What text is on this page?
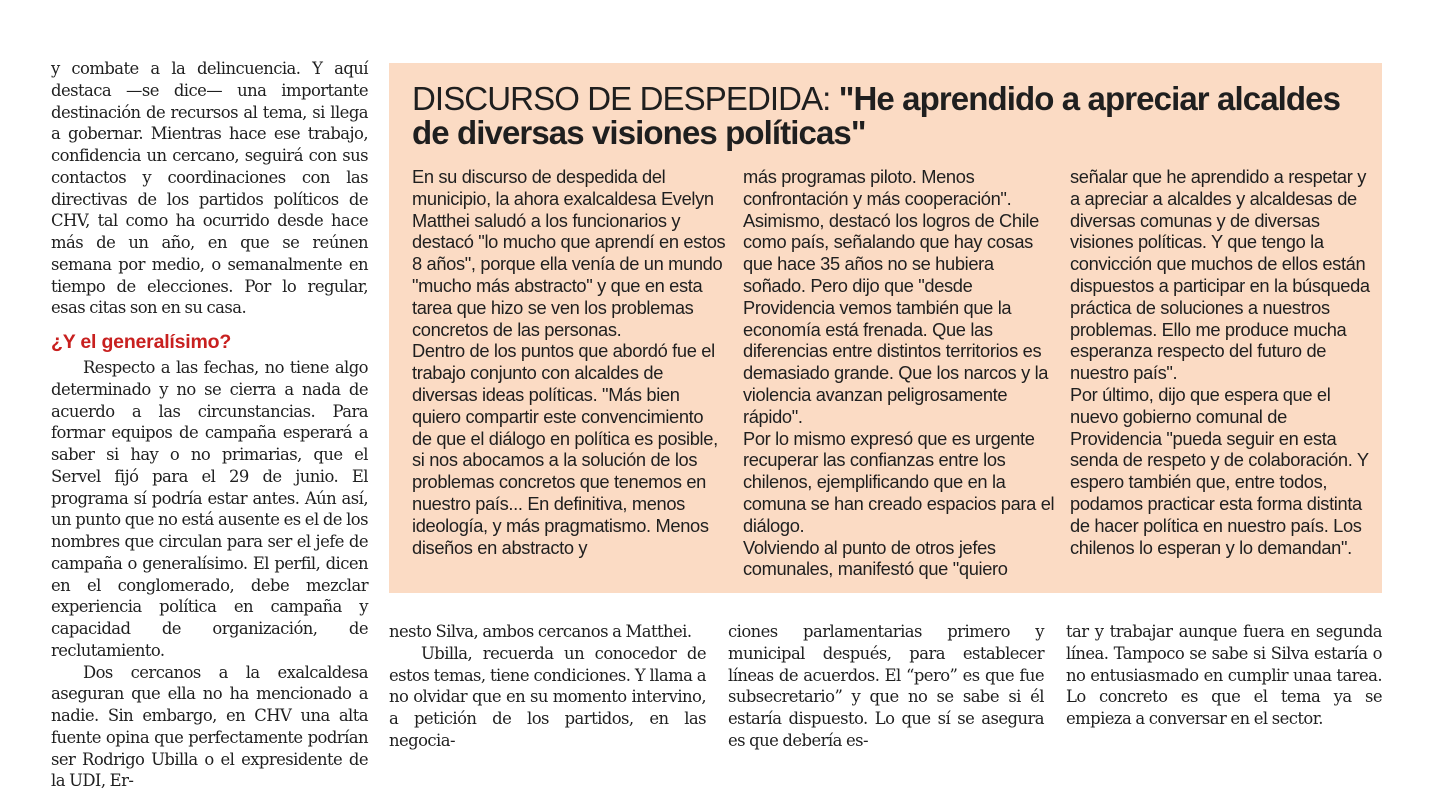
y combate a la delincuencia. Y aquí destaca —se dice— una importante destinación de recursos al tema, si llega a gobernar. Mientras hace ese trabajo, confidencia un cercano, seguirá con sus contactos y coordinaciones con las directivas de los partidos políticos de CHV, tal como ha ocurrido desde hace más de un año, en que se reúnen semana por medio, o semanalmente en tiempo de elecciones. Por lo regular, esas citas son en su casa.

¿Y el generalísimo?

Respecto a las fechas, no tiene algo determinado y no se cierra a nada de acuerdo a las circunstancias. Para formar equipos de campaña esperará a saber si hay o no primarias, que el Servel fijó para el 29 de junio. El programa sí podría estar antes. Aún así, un punto que no está ausente es el de los nombres que circulan para ser el jefe de campaña o generalísimo. El perfil, dicen en el conglomerado, debe mezclar experiencia política en campaña y capacidad de organización, de reclutamiento.

Dos cercanos a la exalcaldesa aseguran que ella no ha mencionado a nadie. Sin embargo, en CHV una alta fuente opina que perfectamente podrían ser Rodrigo Ubilla o el expresidente de la UDI, Er-

DISCURSO DE DESPEDIDA: "He aprendido a apreciar alcaldes de diversas visiones políticas"

En su discurso de despedida del municipio, la ahora exalcaldesa Evelyn Matthei saludó a los funcionarios y destacó "lo mucho que aprendí en estos 8 años", porque ella venía de un mundo "mucho más abstracto" y que en esta tarea que hizo se ven los problemas concretos de las personas.

Dentro de los puntos que abordó fue el trabajo conjunto con alcaldes de diversas ideas políticas. "Más bien quiero compartir este convencimiento de que el diálogo en política es posible, si nos abocamos a la solución de los problemas concretos que tenemos en nuestro país... En definitiva, menos ideología, y más pragmatismo. Menos diseños en abstracto y

más programas piloto. Menos confrontación y más cooperación".

Asimismo, destacó los logros de Chile como país, señalando que hay cosas que hace 35 años no se hubiera soñado. Pero dijo que "desde Providencia vemos también que la economía está frenada. Que las diferencias entre distintos territorios es demasiado grande. Que los narcos y la violencia avanzan peligrosamente rápido".

Por lo mismo expresó que es urgente recuperar las confianzas entre los chilenos, ejemplificando que en la comuna se han creado espacios para el diálogo.

Volviendo al punto de otros jefes comunales, manifestó que "quiero

señalar que he aprendido a respetar y a apreciar a alcaldes y alcaldesas de diversas comunas y de diversas visiones políticas. Y que tengo la convicción que muchos de ellos están dispuestos a participar en la búsqueda práctica de soluciones a nuestros problemas. Ello me produce mucha esperanza respecto del futuro de nuestro país".

Por último, dijo que espera que el nuevo gobierno comunal de Providencia "pueda seguir en esta senda de respeto y de colaboración. Y espero también que, entre todos, podamos practicar esta forma distinta de hacer política en nuestro país. Los chilenos lo esperan y lo demandan".

nesto Silva, ambos cercanos a Matthei.

Ubilla, recuerda un conocedor de estos temas, tiene condiciones. Y llama a no olvidar que en su momento intervino, a petición de los partidos, en las negocia-

ciones parlamentarias primero y municipal después, para establecer líneas de acuerdos. El “pero” es que fue subsecretario” y que no se sabe si él estaría dispuesto. Lo que sí se asegura es que debería es-

tar y trabajar aunque fuera en segunda línea. Tampoco se sabe si Silva estaría o no entusiasmado en cumplir unaa tarea. Lo concreto es que el tema ya se empieza a conversar en el sector.
